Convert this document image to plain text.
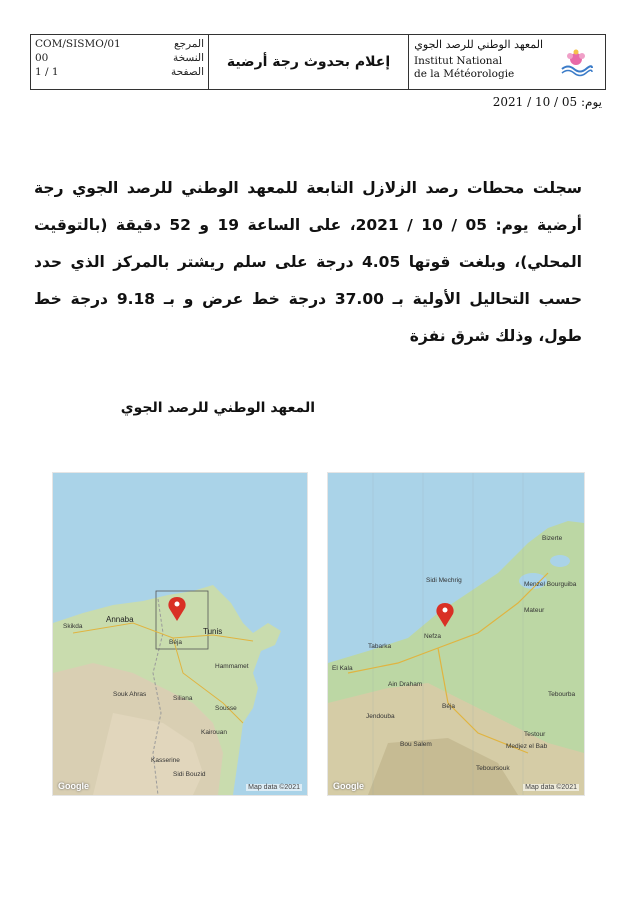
COM/SISMO/01	المرجع
00	النسخة
1 / 1	الصفحة
إعلام بحدوث رجة أرضية
المعهد الوطني للرصد الجوي
Institut National
de la Météorologie
يوم: 05 / 10 / 2021
سجلت محطات رصد الزلازل التابعة للمعهد الوطني للرصد الجوي رجة أرضية يوم: 05 / 10 / 2021، على الساعة 19 و 52 دقيقة (بالتوقيت المحلي)، وبلغت قوتها 4.05 درجة على سلم ريشتر بالمركز الذي حدد حسب التحاليل الأولية بـ 37.00 درجة خط عرض و بـ 9.18 درجة خط طول، وذلك شرق نفزة
المعهد الوطني للرصد الجوي
Annaba
Skikda
Tunis
Béja
Souk Ahras
Siliana
Sousse
Kairouan
Kasserine
Sidi Bouzid
Hammamet
Google	Map data ©2021
Bizerte
Mateur
Sidi Mechrig
Nefza
Tabarka
El Kala
Béja
Jendouba
Testour
Teboursouk
Medjez el Bab
Bou Salem
Ain Draham
Tebourba
Menzel Bourguiba
Google	Map data ©2021
